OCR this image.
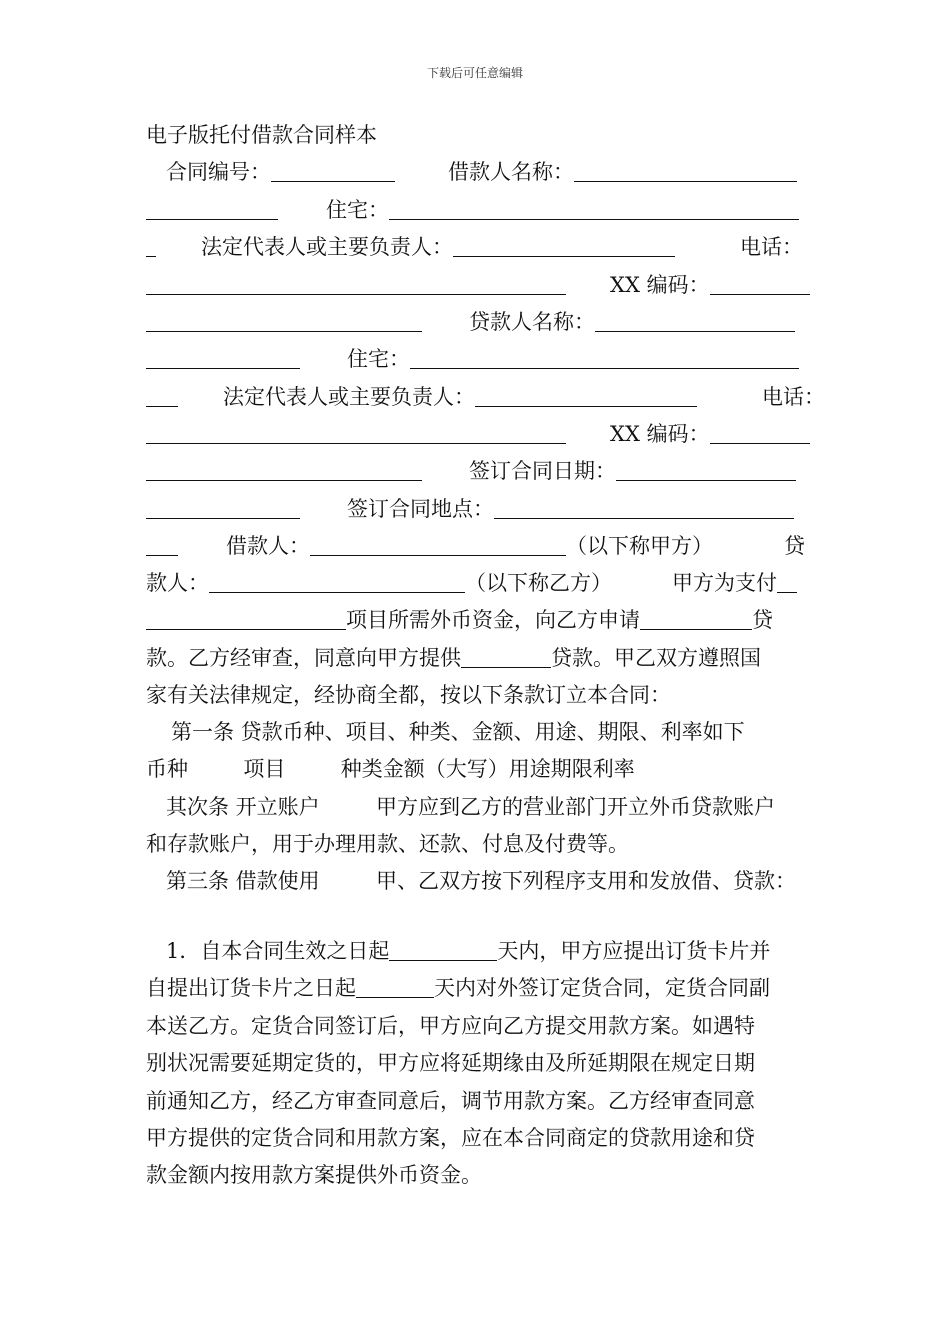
下载后可任意编辑
电子版托付借款合同样本
合同编号：	借款人名称：
住宅：
法定代表人或主要负责人：	电话：
XX 编码：
贷款人名称：
住宅：
法定代表人或主要负责人：	电话：
XX 编码：
签订合同日期：
签订合同地点：
借款人：	（以下称甲方）	贷
款人：	（以下称乙方）	甲方为支付
项目所需外币资金，向乙方申请	贷
款。乙方经审查，同意向甲方提供	贷款。甲乙双方遵照国
家有关法律规定，经协商全都，按以下条款订立本合同：
第一条 贷款币种、项目、种类、金额、用途、期限、利率如下
币种	项目	种类金额（大写）用途期限利率
其次条 开立账户	甲方应到乙方的营业部门开立外币贷款账户
和存款账户，用于办理用款、还款、付息及付费等。
第三条 借款使用	甲、乙双方按下列程序支用和发放借、贷款：
1．自本合同生效之日起	天内，甲方应提出订货卡片并
自提出订货卡片之日起	天内对外签订定货合同，定货合同副
本送乙方。定货合同签订后，甲方应向乙方提交用款方案。如遇特
别状况需要延期定货的，甲方应将延期缘由及所延期限在规定日期
前通知乙方，经乙方审查同意后，调节用款方案。乙方经审查同意
甲方提供的定货合同和用款方案，应在本合同商定的贷款用途和贷
款金额内按用款方案提供外币资金。
